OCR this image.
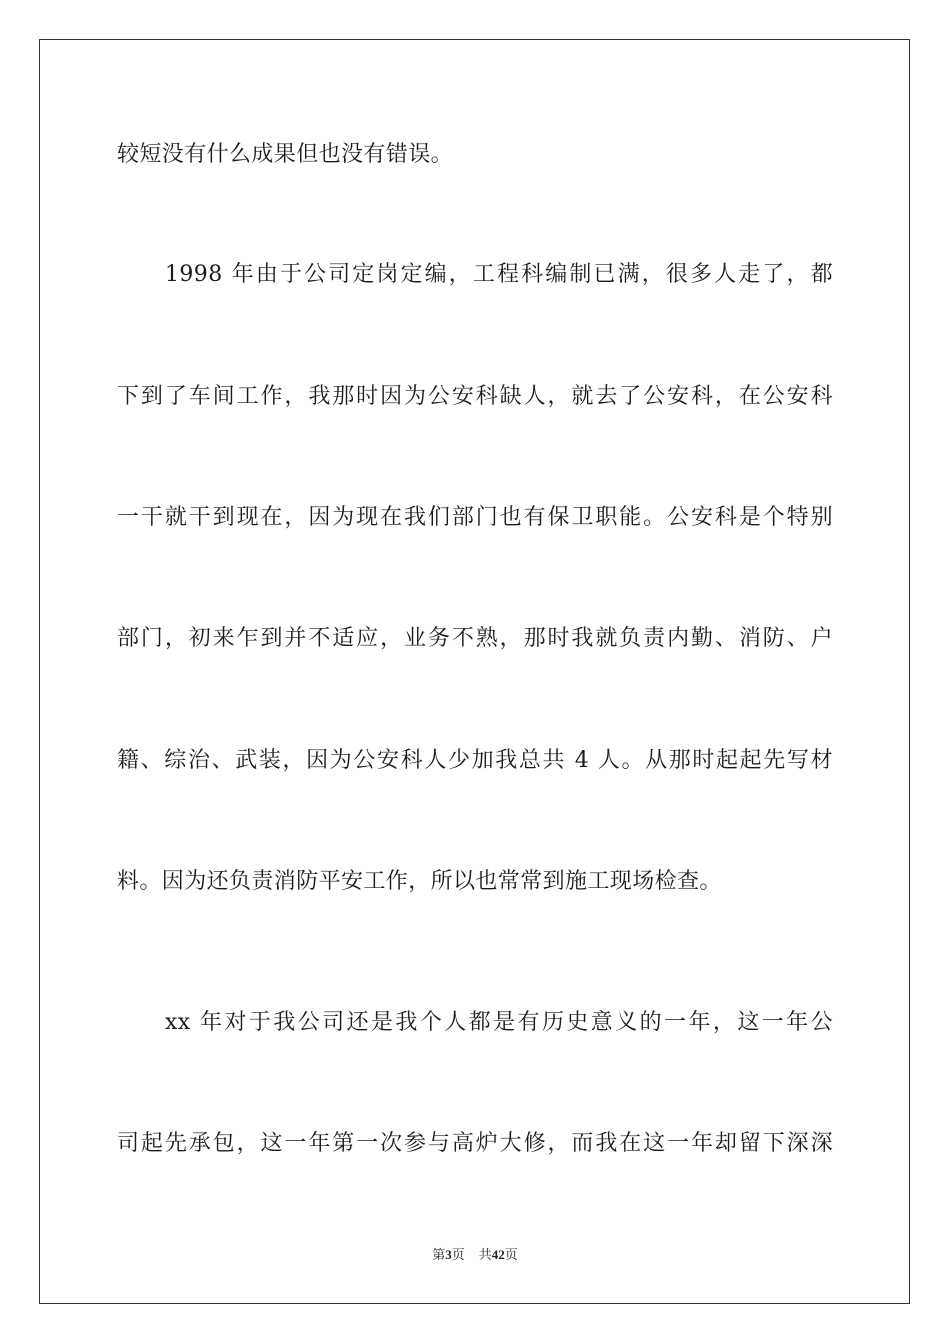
较短没有什么成果但也没有错误。
1998 年由于公司定岗定编，工程科编制已满，很多人走了，都
下到了车间工作，我那时因为公安科缺人，就去了公安科，在公安科
一干就干到现在，因为现在我们部门也有保卫职能。公安科是个特别
部门，初来乍到并不适应，业务不熟，那时我就负责内勤、消防、户
籍、综治、武装，因为公安科人少加我总共 4 人。从那时起起先写材
料。因为还负责消防平安工作，所以也常常到施工现场检查。
xx 年对于我公司还是我个人都是有历史意义的一年，这一年公
司起先承包，这一年第一次参与高炉大修，而我在这一年却留下深深
第3页 共42页
